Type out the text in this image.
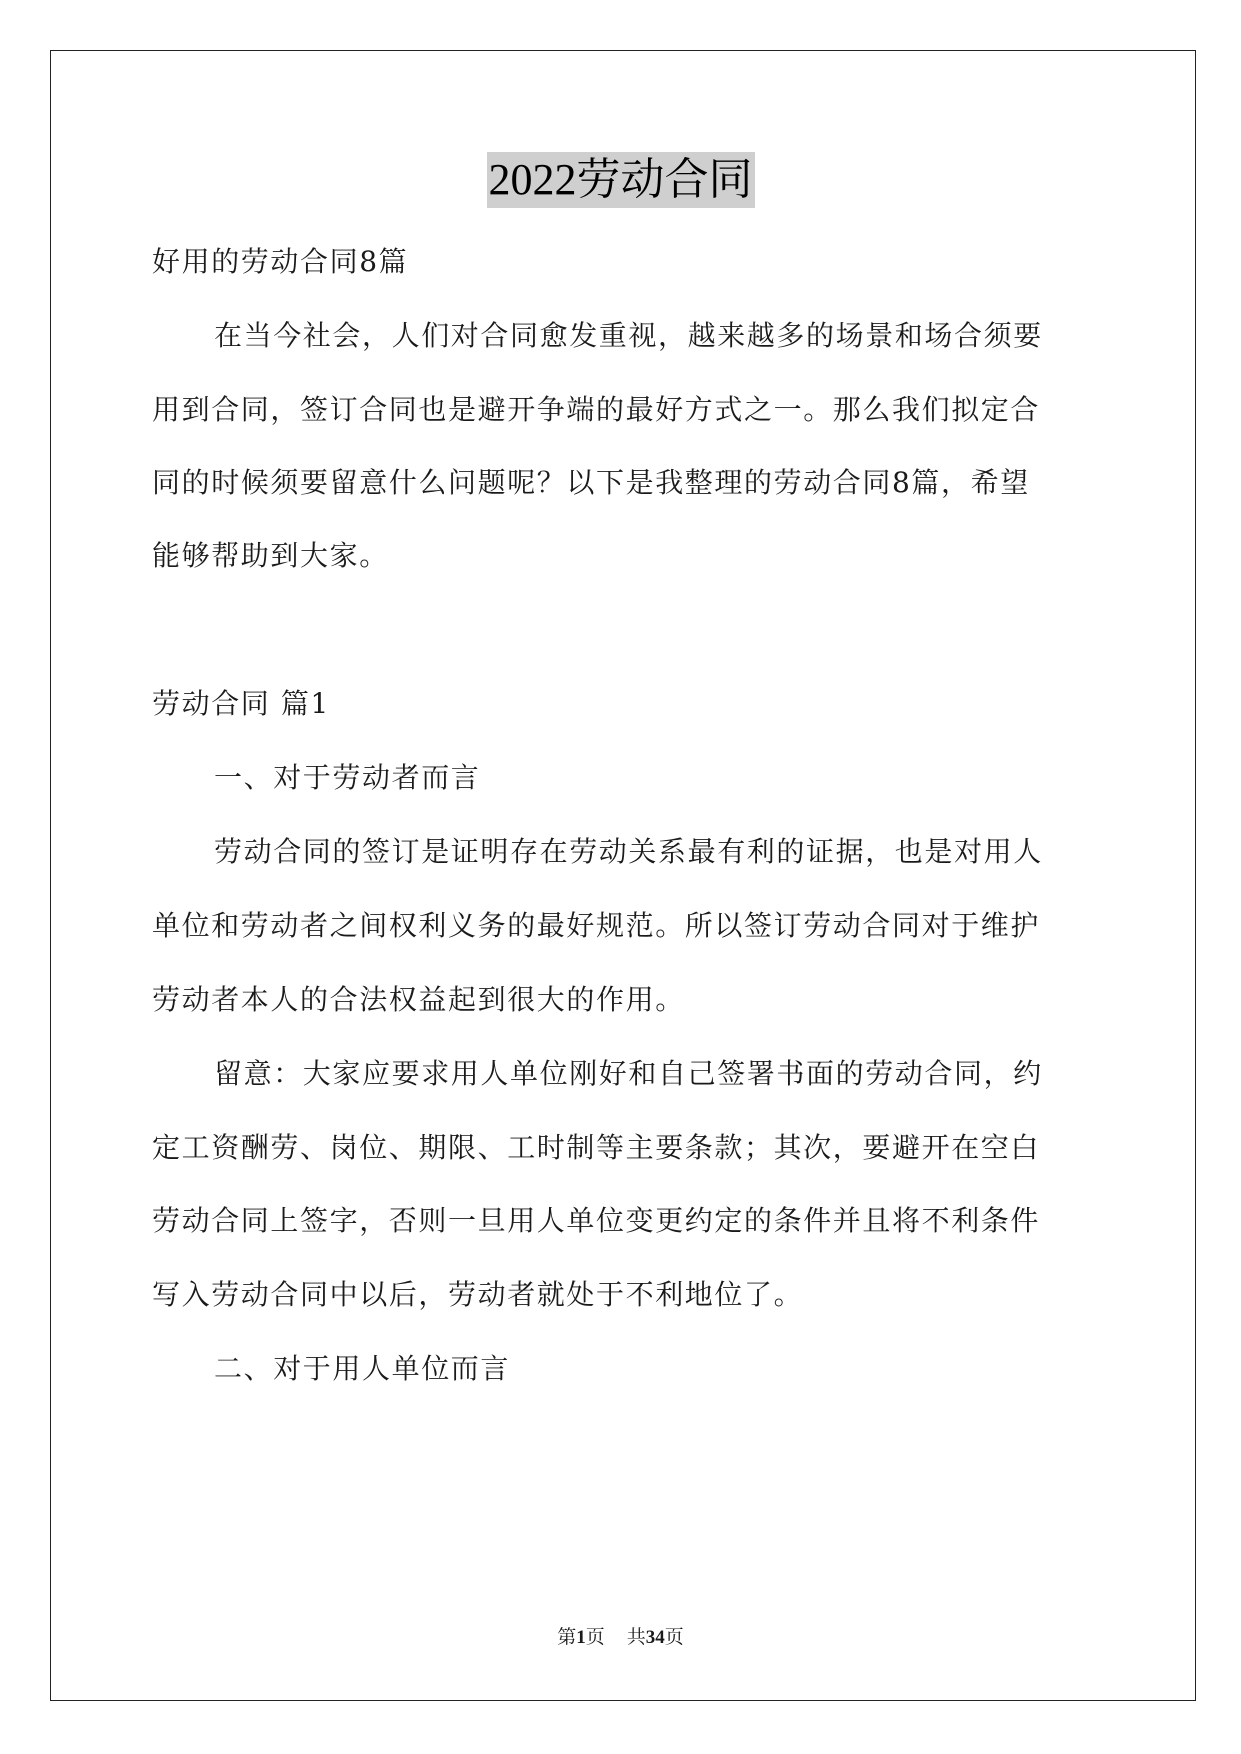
2022劳动合同
好用的劳动合同8篇
在当今社会，人们对合同愈发重视，越来越多的场景和场合须要
用到合同，签订合同也是避开争端的最好方式之一。那么我们拟定合
同的时候须要留意什么问题呢？以下是我整理的劳动合同8篇，希望
能够帮助到大家。
劳动合同 篇1
一、对于劳动者而言
劳动合同的签订是证明存在劳动关系最有利的证据，也是对用人
单位和劳动者之间权利义务的最好规范。所以签订劳动合同对于维护
劳动者本人的合法权益起到很大的作用。
留意：大家应要求用人单位刚好和自己签署书面的劳动合同，约
定工资酬劳、岗位、期限、工时制等主要条款；其次，要避开在空白
劳动合同上签字，否则一旦用人单位变更约定的条件并且将不利条件
写入劳动合同中以后，劳动者就处于不利地位了。
二、对于用人单位而言
第1页 共34页
